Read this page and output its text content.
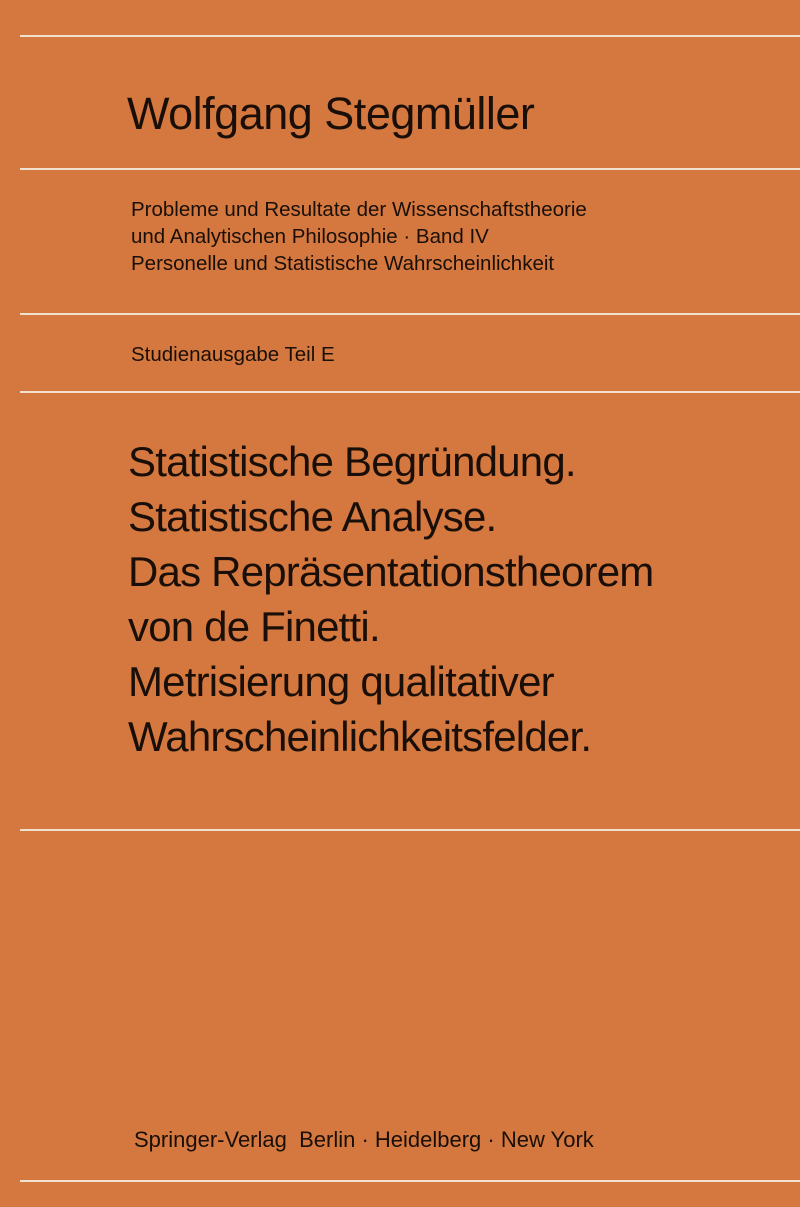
Wolfgang Stegmüller
Probleme und Resultate der Wissenschaftstheorie
und Analytischen Philosophie · Band IV
Personelle und Statistische Wahrscheinlichkeit
Studienausgabe Teil E
Statistische Begründung.
Statistische Analyse.
Das Repräsentationstheorem
von de Finetti.
Metrisierung qualitativer
Wahrscheinlichkeitsfelder.
Springer-Verlag  Berlin · Heidelberg · New York
